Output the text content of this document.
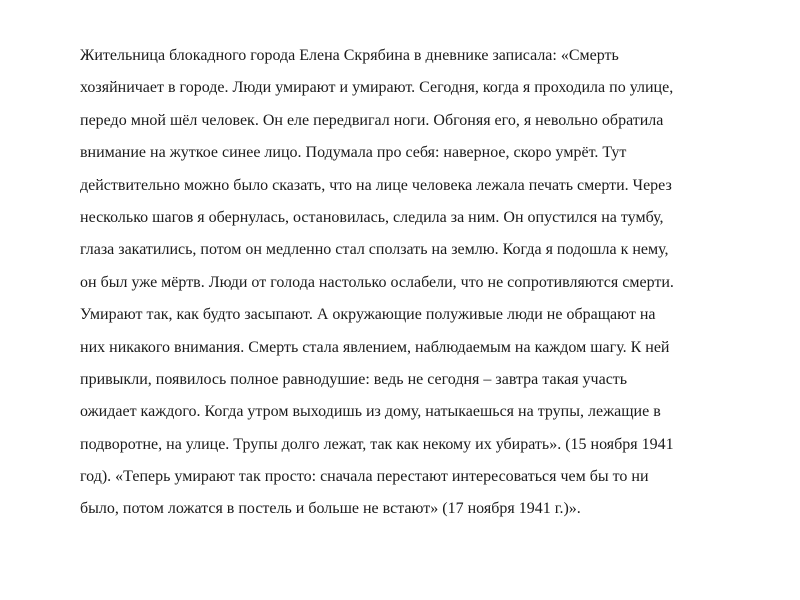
Жительница блокадного города Елена Скрябина в дневнике записала: «Смерть
хозяйничает в городе. Люди умирают и умирают. Сегодня, когда я проходила по улице,
передо мной шёл человек. Он еле передвигал ноги. Обгоняя его, я невольно обратила
внимание на жуткое синее лицо. Подумала про себя: наверное, скоро умрёт. Тут
действительно можно было сказать, что на лице человека лежала печать смерти. Через
несколько шагов я обернулась, остановилась, следила за ним. Он опустился на тумбу,
глаза закатились, потом он медленно стал сползать на землю. Когда я подошла к нему,
он был уже мёртв. Люди от голода настолько ослабели, что не сопротивляются смерти.
Умирают так, как будто засыпают. А окружающие полуживые люди не обращают на
них никакого внимания. Смерть стала явлением, наблюдаемым на каждом шагу. К ней
привыкли, появилось полное равнодушие: ведь не сегодня – завтра такая участь
ожидает каждого. Когда утром выходишь из дому, натыкаешься на трупы, лежащие в
подворотне, на улице. Трупы долго лежат, так как некому их убирать». (15 ноября 1941
год). «Теперь умирают так просто: сначала перестают интересоваться чем бы то ни
было, потом ложатся в постель и больше не встают» (17 ноября 1941 г.)».
